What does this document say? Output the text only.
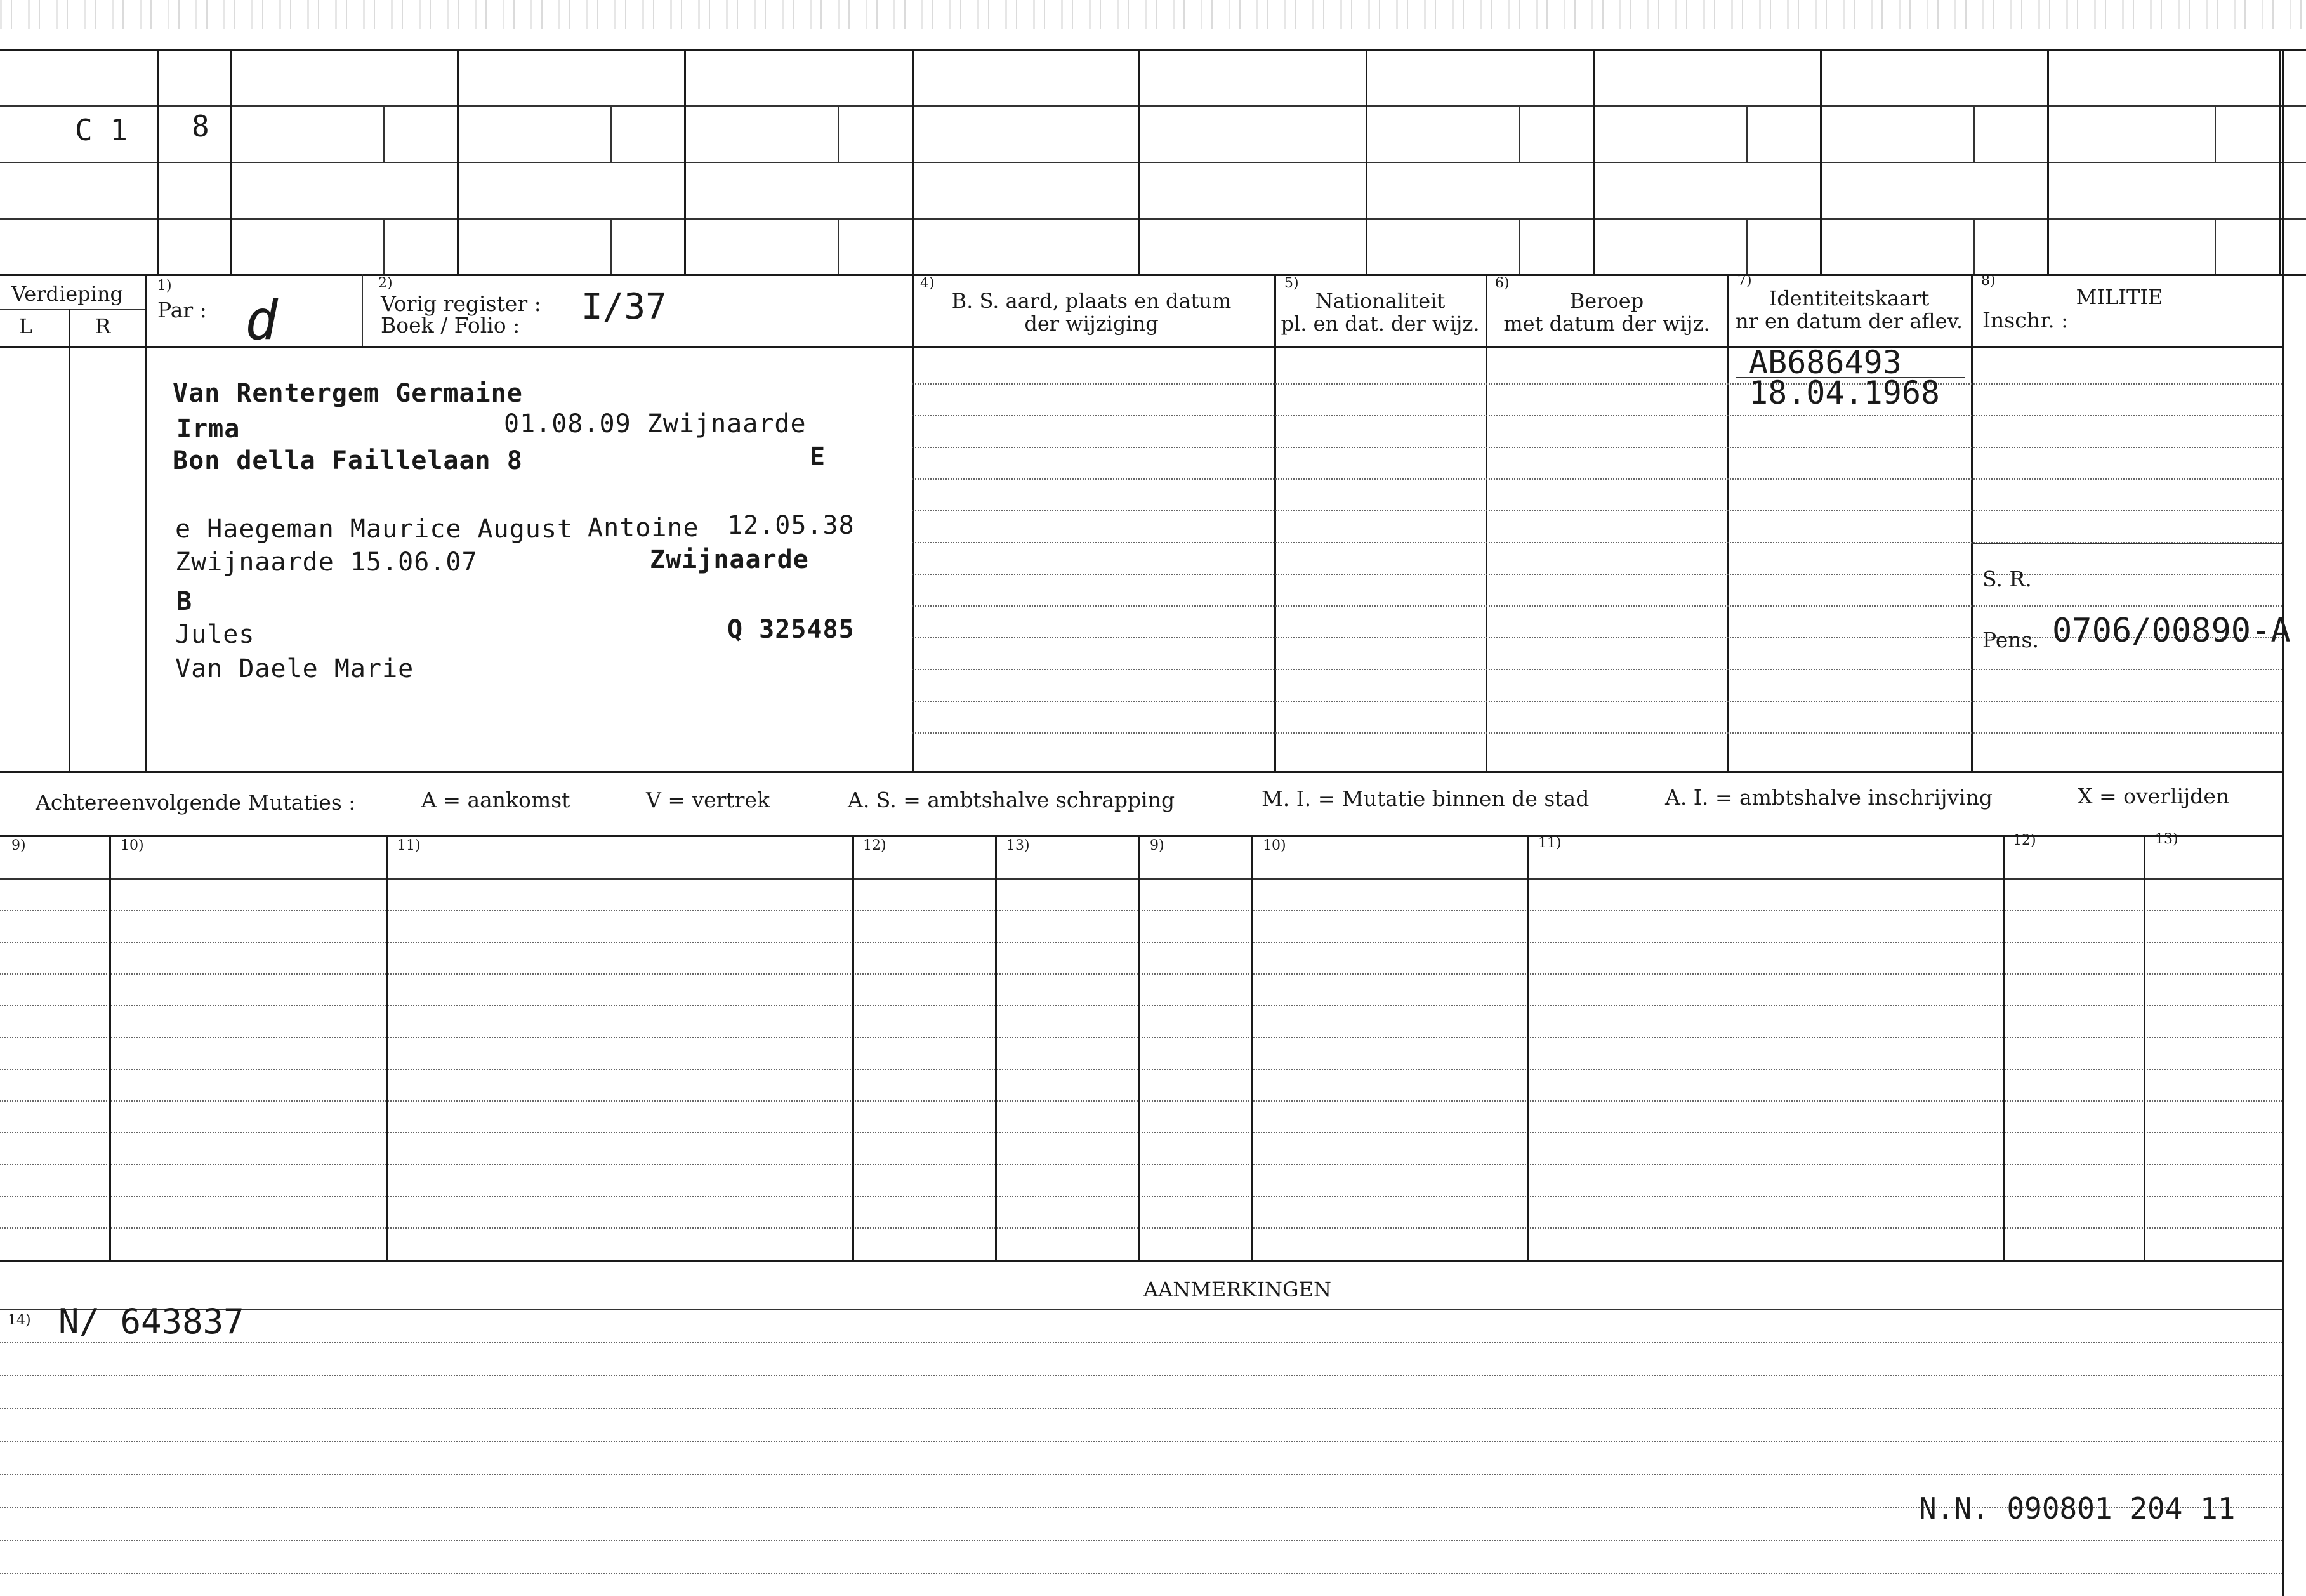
C 1 8
Verdieping
L	R
1)
Par : d
2)
Vorig register :
Boek / Folio : I/37
4)
B. S. aard, plaats en datum
der wijziging
5)
Nationaliteit
pl. en dat. der wijz.
6)
Beroep
met datum der wijz.
7)
Identiteitskaart
nr en datum der aflev.
8)
MILITIE
Inschr. :
Van Rentergem Germaine
Irma	01.08.09 Zwijnaarde
Bon della Faillelaan 8	E
e Haegeman Maurice August Antoine 12.05.38
Zwijnaarde 15.06.07	Zwijnaarde
B
Jules	Q 325485
Van Daele Marie
AB686493
18.04.1968
S. R.
Pens. 0706/00890-A
Achtereenvolgende Mutaties :	A = aankomst	V = vertrek	A. S. = ambtshalve schrapping	M. I. = Mutatie binnen de stad	A. I. = ambtshalve inschrijving	X = overlijden
9)	10)	11)	12)	13)	9)	10)	11)	12)	13)
AANMERKINGEN
14) N/ 643837
N.N. 090801 204 11
